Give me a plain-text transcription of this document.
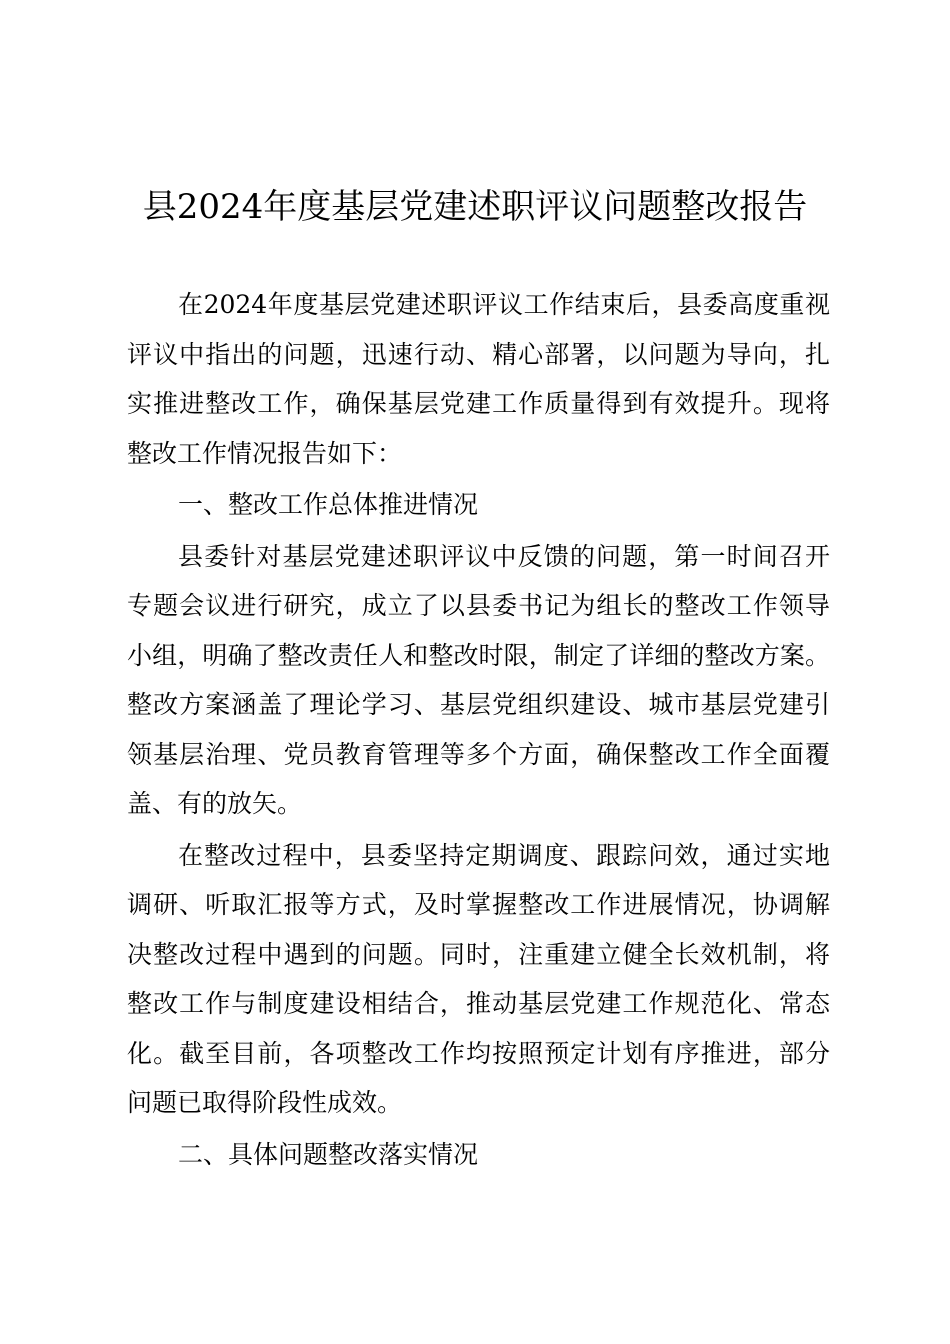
县2024年度基层党建述职评议问题整改报告
在2024年度基层党建述职评议工作结束后，县委高度重视
评议中指出的问题，迅速行动、精心部署，以问题为导向，扎
实推进整改工作，确保基层党建工作质量得到有效提升。现将
整改工作情况报告如下：
一、整改工作总体推进情况
县委针对基层党建述职评议中反馈的问题，第一时间召开
专题会议进行研究，成立了以县委书记为组长的整改工作领导
小组，明确了整改责任人和整改时限，制定了详细的整改方案。
整改方案涵盖了理论学习、基层党组织建设、城市基层党建引
领基层治理、党员教育管理等多个方面，确保整改工作全面覆
盖、有的放矢。
在整改过程中，县委坚持定期调度、跟踪问效，通过实地
调研、听取汇报等方式，及时掌握整改工作进展情况，协调解
决整改过程中遇到的问题。同时，注重建立健全长效机制，将
整改工作与制度建设相结合，推动基层党建工作规范化、常态
化。截至目前，各项整改工作均按照预定计划有序推进，部分
问题已取得阶段性成效。
二、具体问题整改落实情况
